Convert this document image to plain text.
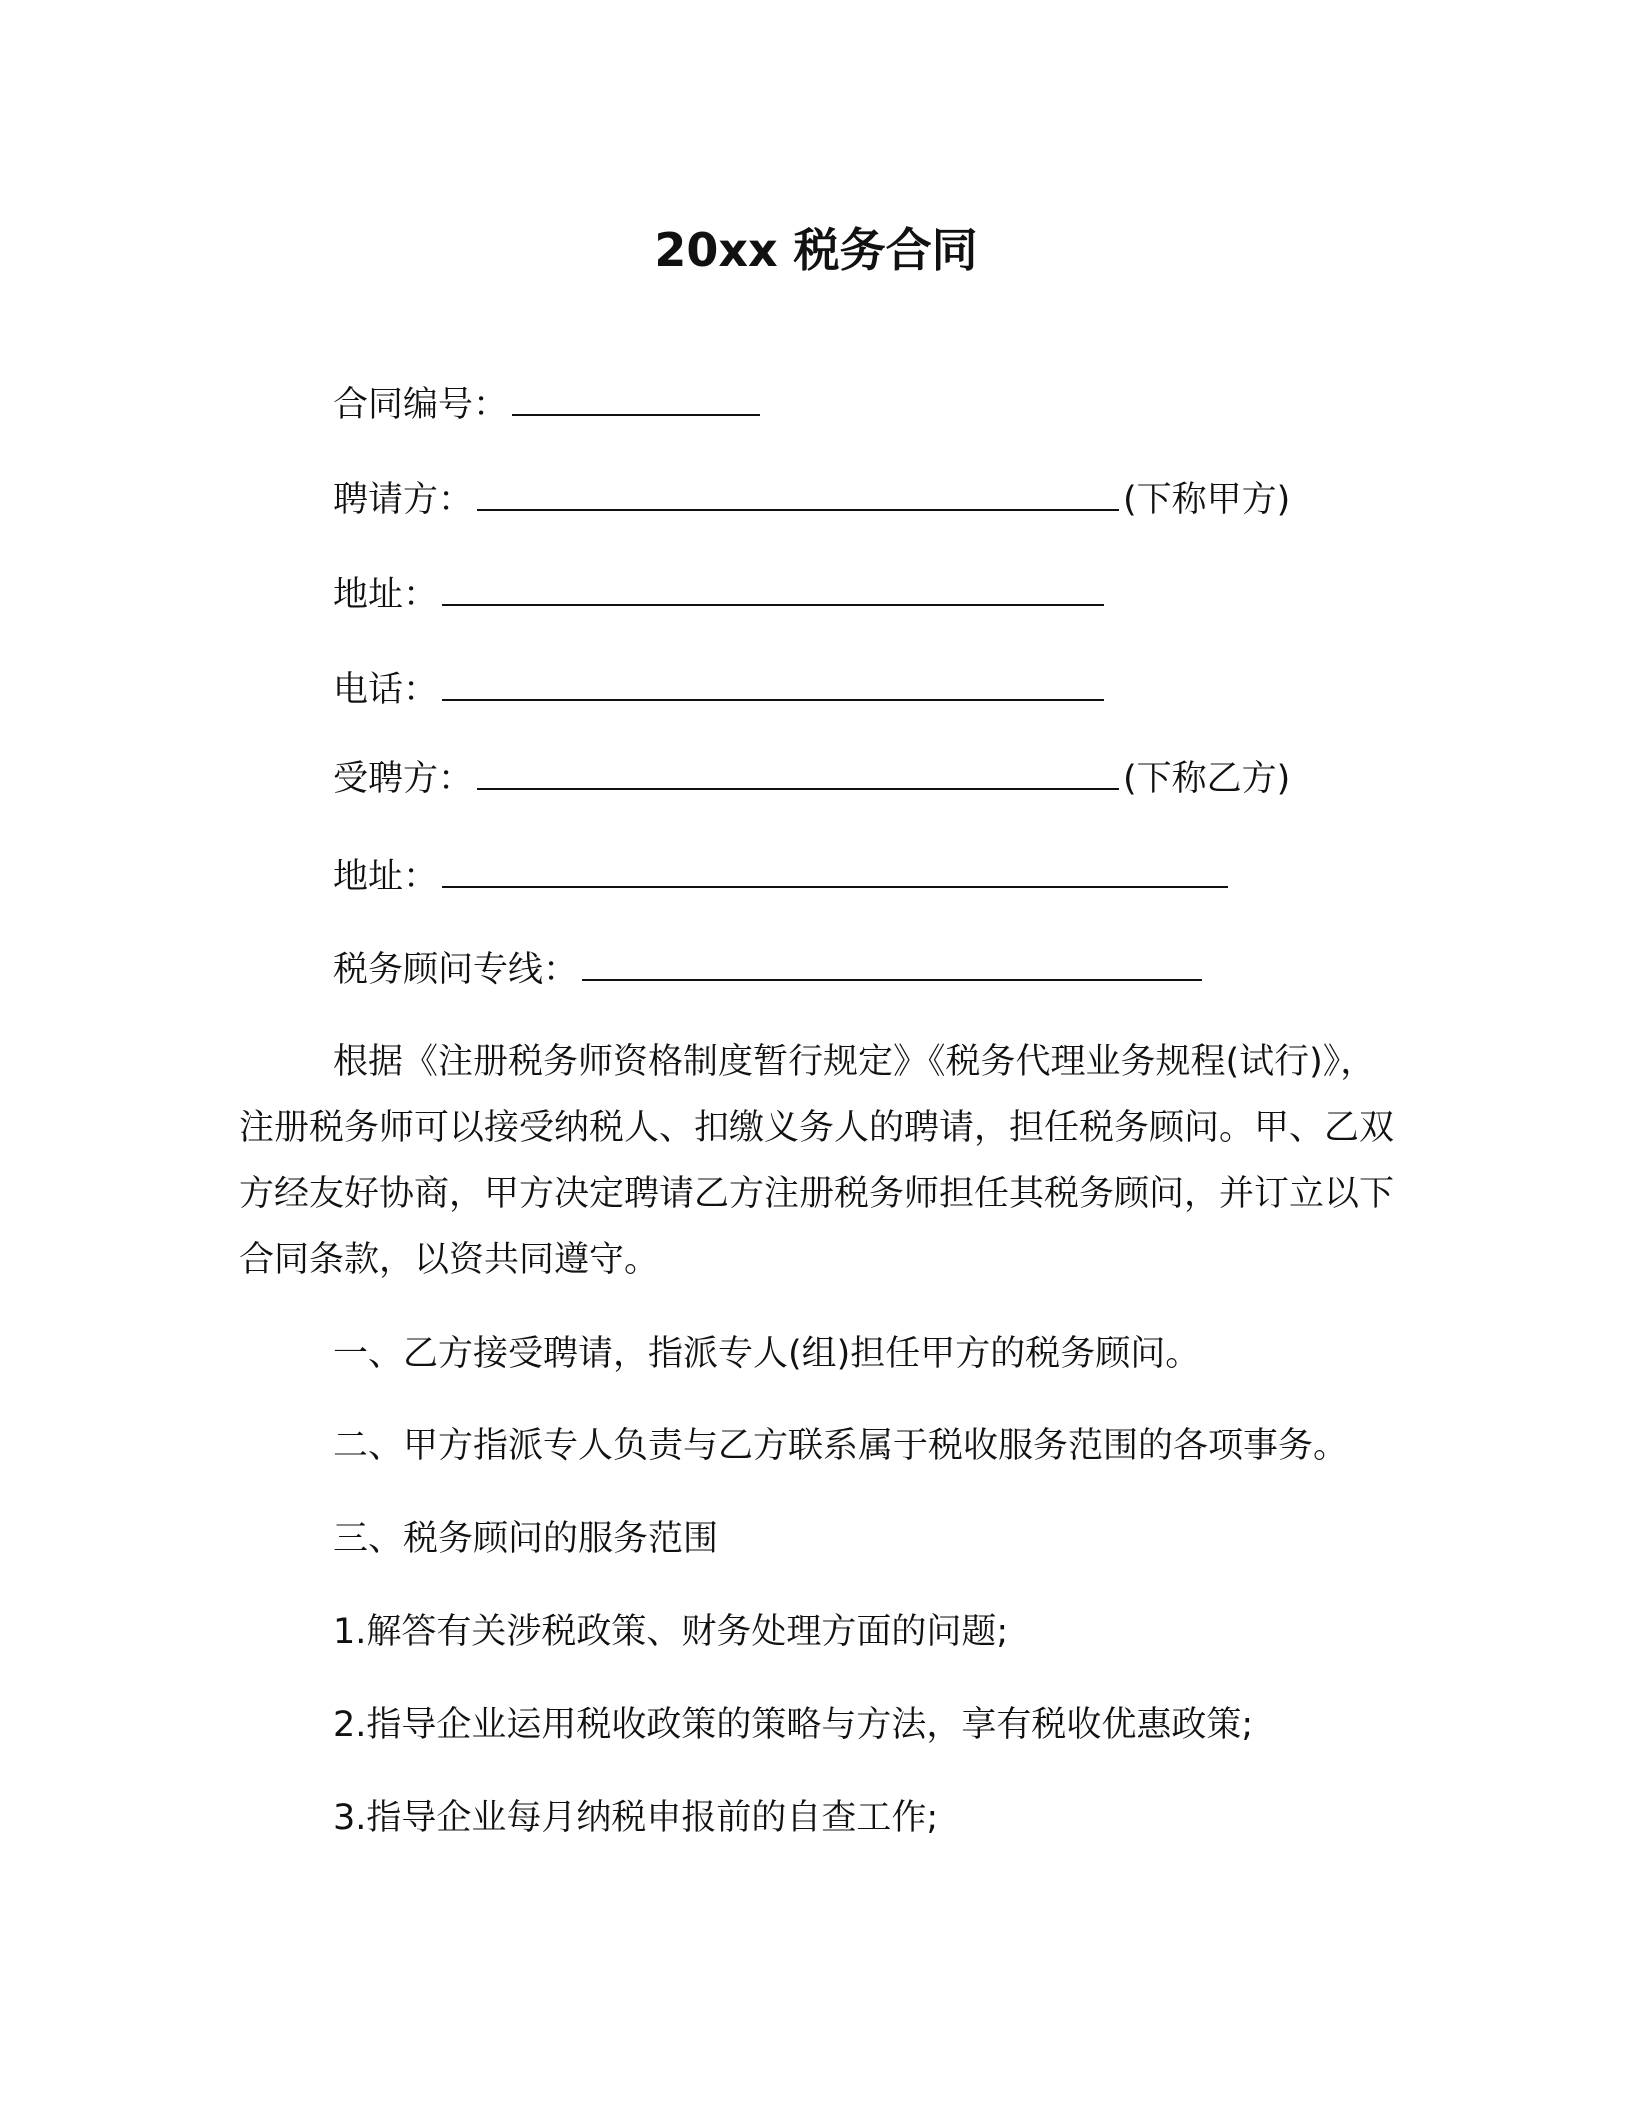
20xx 税务合同
合同编号：
聘请方：	(下称甲方)
地址：
电话：
受聘方：	(下称乙方)
地址：
税务顾问专线：
根据《注册税务师资格制度暂行规定》《税务代理业务规程(试行)》，注册税务师可以接受纳税人、扣缴义务人的聘请，担任税务顾问。甲、乙双方经友好协商，甲方决定聘请乙方注册税务师担任其税务顾问，并订立以下合同条款，以资共同遵守。
一、乙方接受聘请，指派专人(组)担任甲方的税务顾问。
二、甲方指派专人负责与乙方联系属于税收服务范围的各项事务。
三、税务顾问的服务范围
1.解答有关涉税政策、财务处理方面的问题;
2.指导企业运用税收政策的策略与方法，享有税收优惠政策;
3.指导企业每月纳税申报前的自查工作;
